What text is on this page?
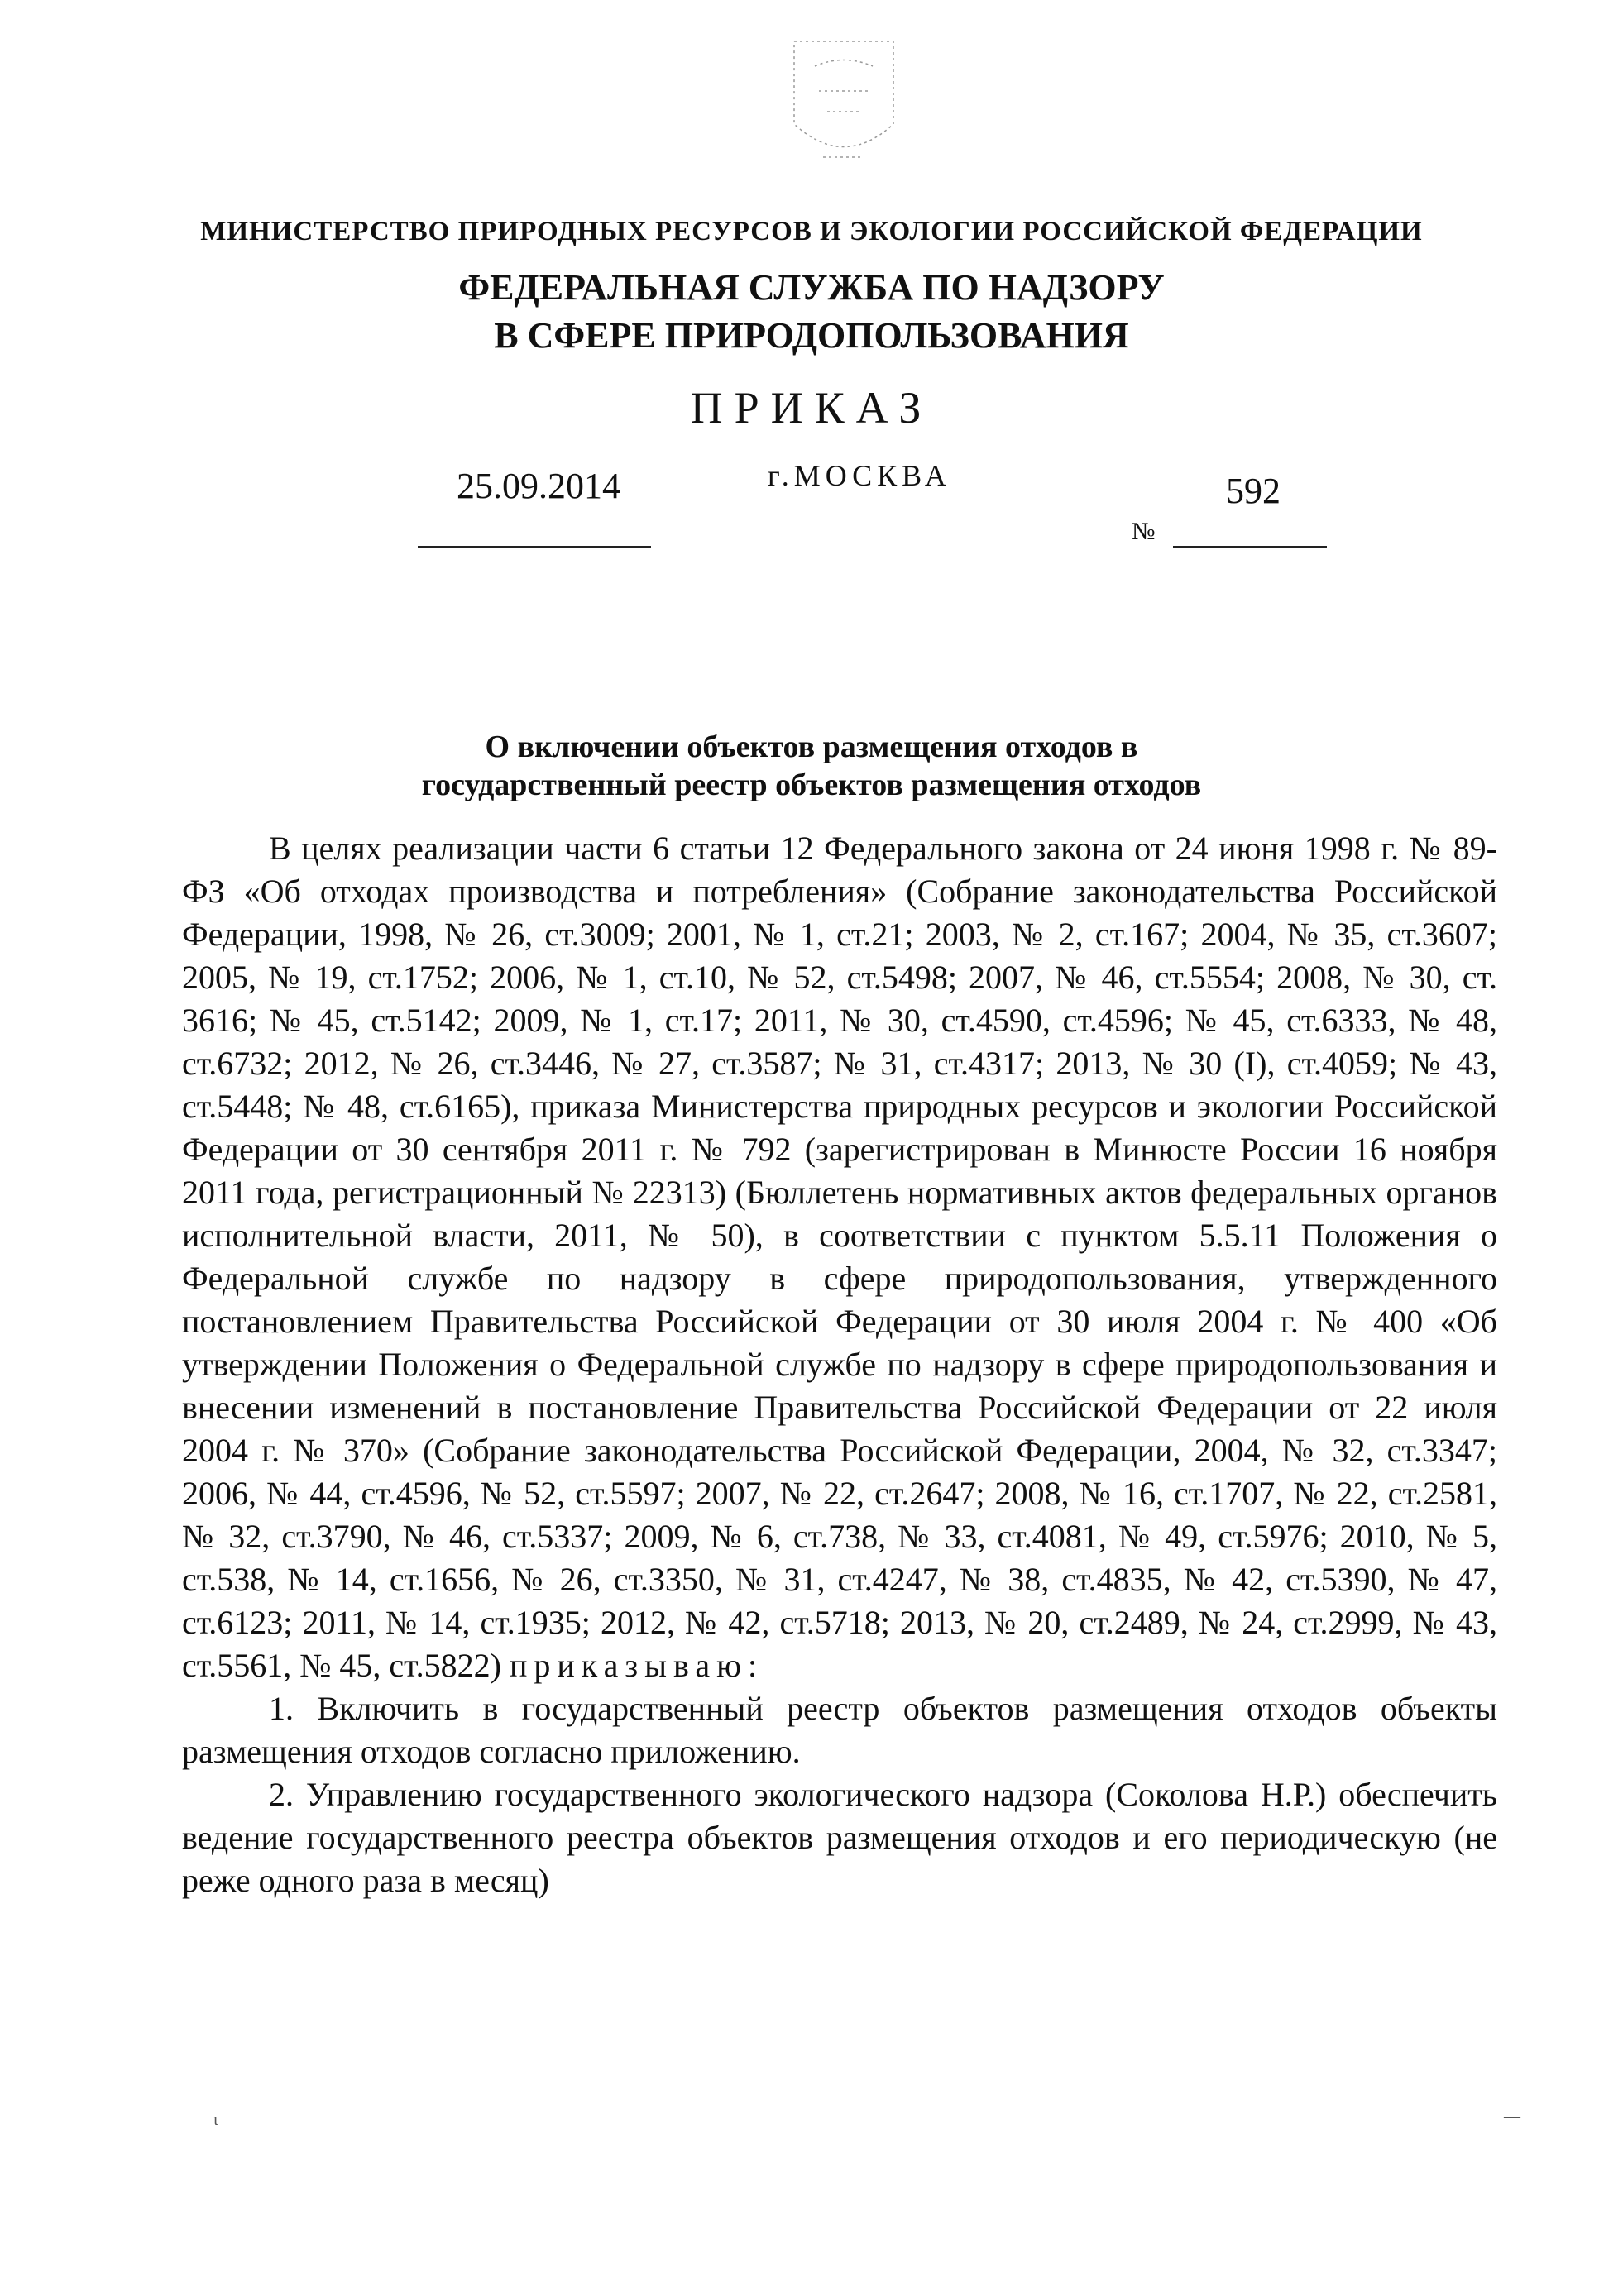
МИНИСТЕРСТВО ПРИРОДНЫХ РЕСУРСОВ И ЭКОЛОГИИ РОССИЙСКОЙ ФЕДЕРАЦИИ
ФЕДЕРАЛЬНАЯ СЛУЖБА ПО НАДЗОРУ
В СФЕРЕ ПРИРОДОПОЛЬЗОВАНИЯ
ПРИКАЗ
25.09.2014	г.МОСКВА	592
№
О включении объектов размещения отходов в
государственный реестр объектов размещения отходов

В целях реализации части 6 статьи 12 Федерального закона от 24 июня 1998 г. № 89-ФЗ «Об отходах производства и потребления» (Собрание законодательства Российской Федерации, 1998, № 26, ст.3009; 2001, № 1, ст.21; 2003, № 2, ст.167; 2004, № 35, ст.3607; 2005, № 19, ст.1752; 2006, № 1, ст.10, № 52, ст.5498; 2007, № 46, ст.5554; 2008, № 30, ст. 3616; № 45, ст.5142; 2009, № 1, ст.17; 2011, № 30, ст.4590, ст.4596; № 45, ст.6333, № 48, ст.6732; 2012, № 26, ст.3446, № 27, ст.3587; № 31, ст.4317; 2013, № 30 (I), ст.4059; № 43, ст.5448; № 48, ст.6165), приказа Министерства природных ресурсов и экологии Российской Федерации от 30 сентября 2011 г. № 792 (зарегистрирован в Минюсте России 16 ноября 2011 года, регистрационный № 22313) (Бюллетень нормативных актов федеральных органов исполнительной власти, 2011, № 50), в соответствии с пунктом 5.5.11 Положения о Федеральной службе по надзору в сфере природопользования, утвержденного постановлением Правительства Российской Федерации от 30 июля 2004 г. № 400 «Об утверждении Положения о Федеральной службе по надзору в сфере природопользования и внесении изменений в постановление Правительства Российской Федерации от 22 июля 2004 г. № 370» (Собрание законодательства Российской Федерации, 2004, № 32, ст.3347; 2006, № 44, ст.4596, № 52, ст.5597; 2007, № 22, ст.2647; 2008, № 16, ст.1707, № 22, ст.2581, № 32, ст.3790, № 46, ст.5337; 2009, № 6, ст.738, № 33, ст.4081, № 49, ст.5976; 2010, № 5, ст.538, № 14, ст.1656, № 26, ст.3350, № 31, ст.4247, № 38, ст.4835, № 42, ст.5390, № 47, ст.6123; 2011, № 14, ст.1935; 2012, № 42, ст.5718; 2013, № 20, ст.2489, № 24, ст.2999, № 43, ст.5561, № 45, ст.5822) приказываю:

1. Включить в государственный реестр объектов размещения отходов объекты размещения отходов согласно приложению.

2. Управлению государственного экологического надзора (Соколова Н.Р.) обеспечить ведение государственного реестра объектов размещения отходов и его периодическую (не реже одного раза в месяц)

ι	—
